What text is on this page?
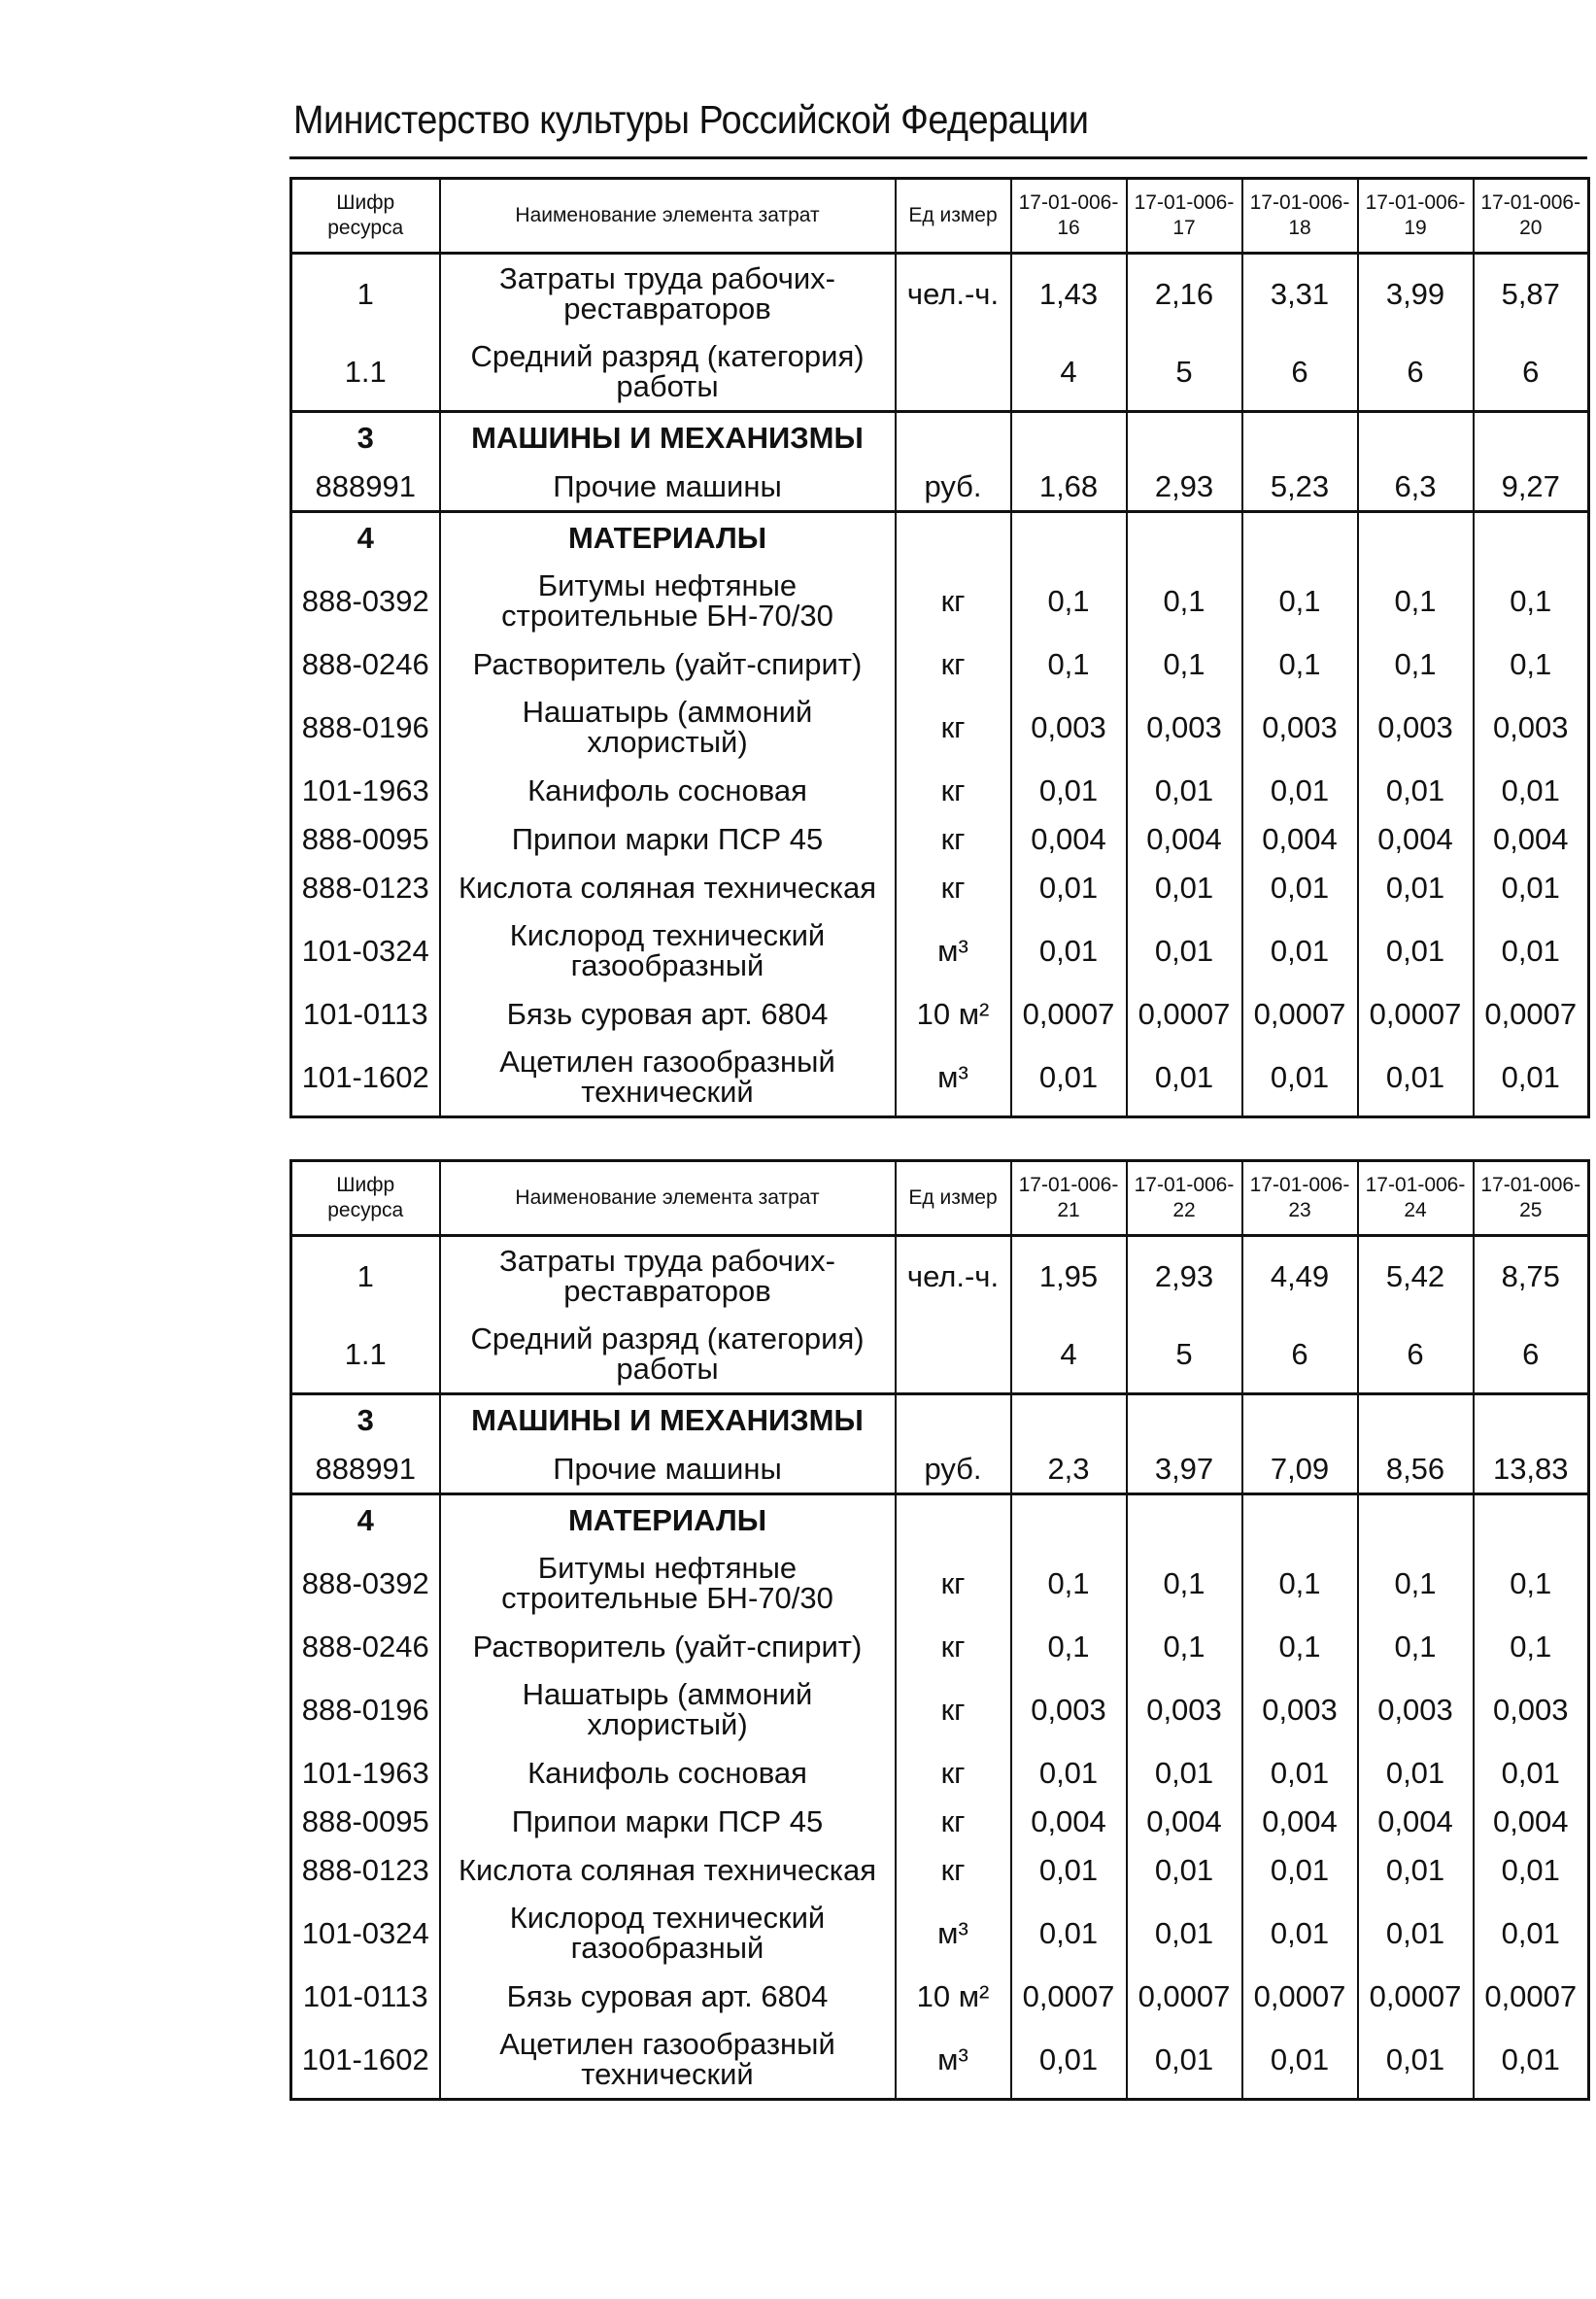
Министерство культуры Российской Федерации
Шифр ресурса	Наименование элемента затрат	Ед измер	17-01-006-16	17-01-006-17	17-01-006-18	17-01-006-19	17-01-006-20
1	Затраты труда рабочих-реставраторов	чел.-ч.	1,43	2,16	3,31	3,99	5,87
1.1	Средний разряд (категория) работы		4	5	6	6	6
3	МАШИНЫ И МЕХАНИЗМЫ						
888991	Прочие машины	руб.	1,68	2,93	5,23	6,3	9,27
4	МАТЕРИАЛЫ						
888-0392	Битумы нефтяные строительные БН-70/30	кг	0,1	0,1	0,1	0,1	0,1
888-0246	Растворитель (уайт-спирит)	кг	0,1	0,1	0,1	0,1	0,1
888-0196	Нашатырь (аммоний хлористый)	кг	0,003	0,003	0,003	0,003	0,003
101-1963	Канифоль сосновая	кг	0,01	0,01	0,01	0,01	0,01
888-0095	Припои марки ПСР 45	кг	0,004	0,004	0,004	0,004	0,004
888-0123	Кислота соляная техническая	кг	0,01	0,01	0,01	0,01	0,01
101-0324	Кислород технический газообразный	м³	0,01	0,01	0,01	0,01	0,01
101-0113	Бязь суровая арт. 6804	10 м²	0,0007	0,0007	0,0007	0,0007	0,0007
101-1602	Ацетилен газообразный технический	м³	0,01	0,01	0,01	0,01	0,01
Шифр ресурса	Наименование элемента затрат	Ед измер	17-01-006-21	17-01-006-22	17-01-006-23	17-01-006-24	17-01-006-25
1	Затраты труда рабочих-реставраторов	чел.-ч.	1,95	2,93	4,49	5,42	8,75
1.1	Средний разряд (категория) работы		4	5	6	6	6
3	МАШИНЫ И МЕХАНИЗМЫ						
888991	Прочие машины	руб.	2,3	3,97	7,09	8,56	13,83
4	МАТЕРИАЛЫ						
888-0392	Битумы нефтяные строительные БН-70/30	кг	0,1	0,1	0,1	0,1	0,1
888-0246	Растворитель (уайт-спирит)	кг	0,1	0,1	0,1	0,1	0,1
888-0196	Нашатырь (аммоний хлористый)	кг	0,003	0,003	0,003	0,003	0,003
101-1963	Канифоль сосновая	кг	0,01	0,01	0,01	0,01	0,01
888-0095	Припои марки ПСР 45	кг	0,004	0,004	0,004	0,004	0,004
888-0123	Кислота соляная техническая	кг	0,01	0,01	0,01	0,01	0,01
101-0324	Кислород технический газообразный	м³	0,01	0,01	0,01	0,01	0,01
101-0113	Бязь суровая арт. 6804	10 м²	0,0007	0,0007	0,0007	0,0007	0,0007
101-1602	Ацетилен газообразный технический	м³	0,01	0,01	0,01	0,01	0,01
